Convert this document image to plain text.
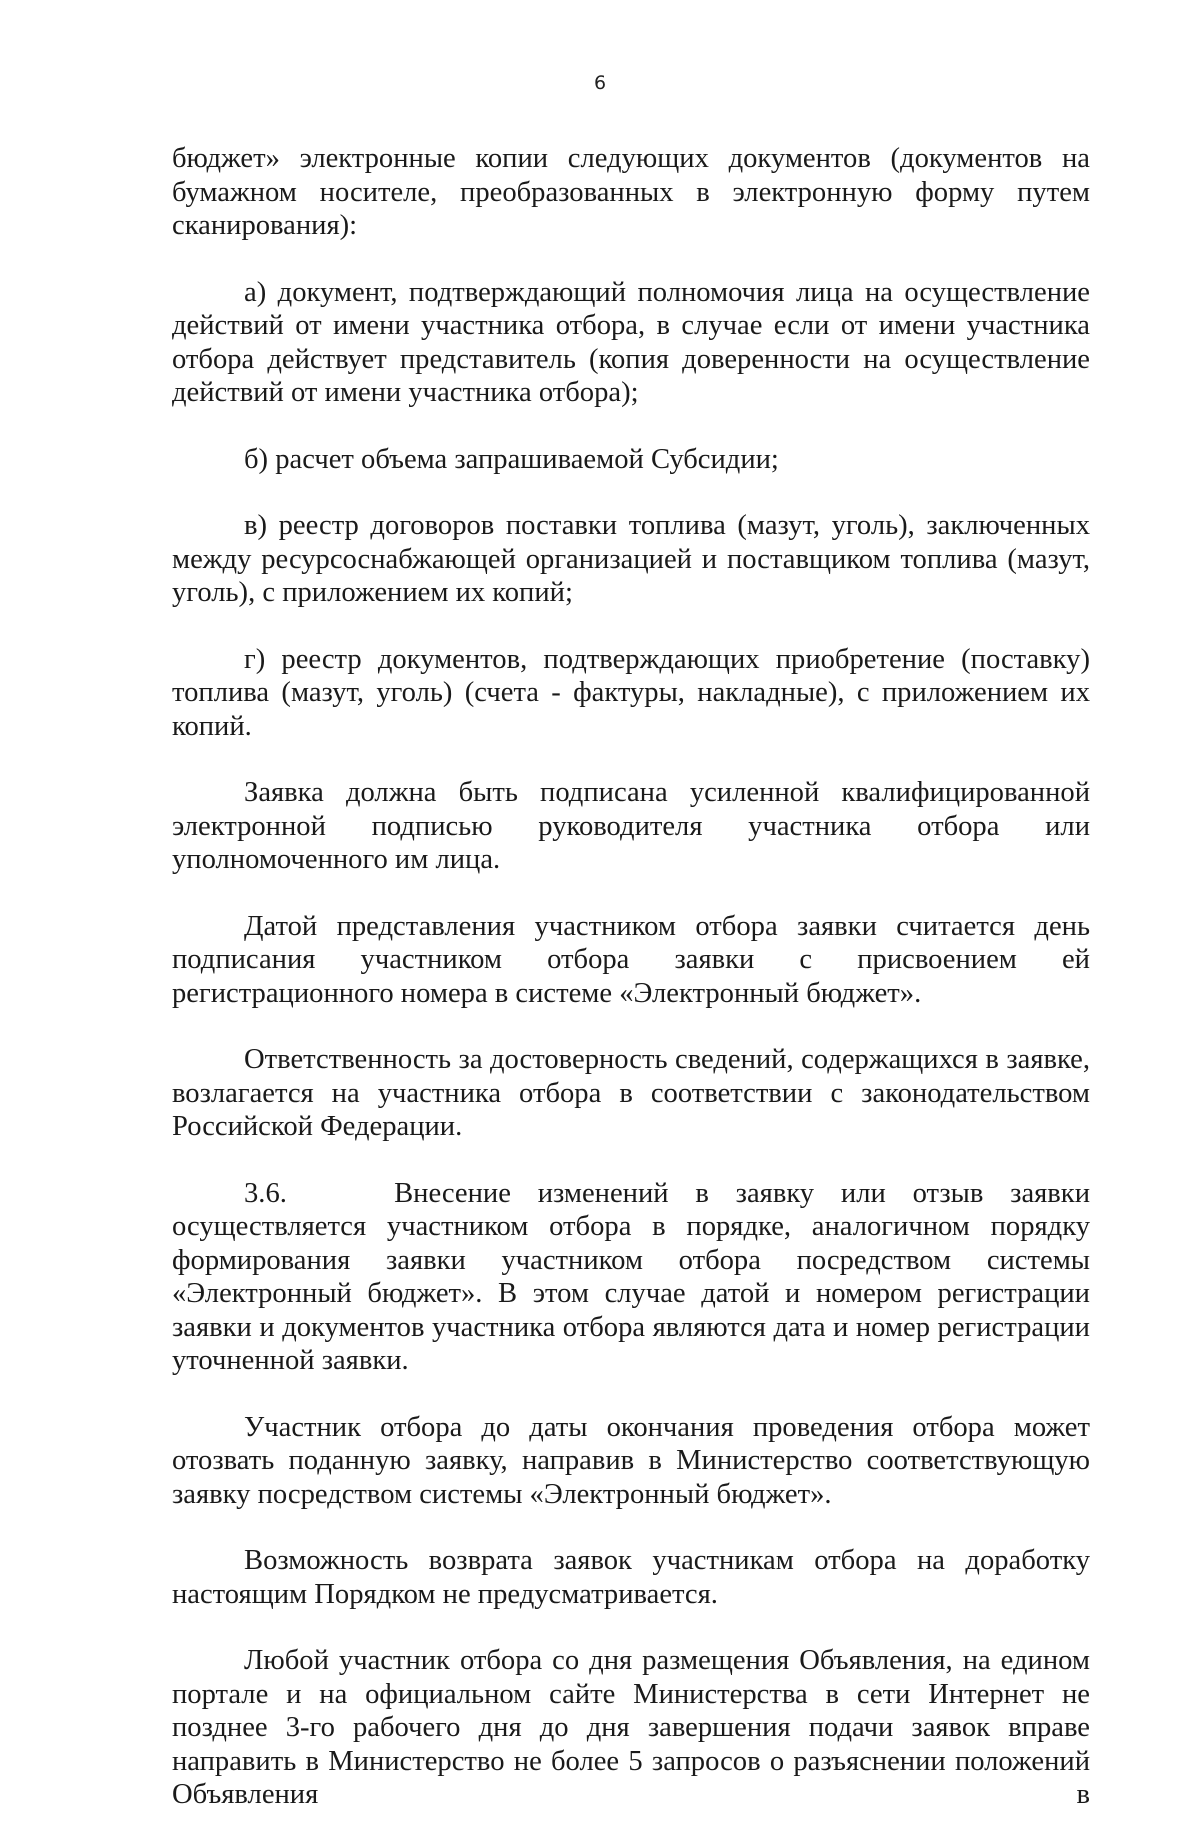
6

бюджет» электронные копии следующих документов (документов на бумажном носителе, преобразованных в электронную форму путем сканирования):

а) документ, подтверждающий полномочия лица на осуществление действий от имени участника отбора, в случае если от имени участника отбора действует представитель (копия доверенности на осуществление действий от имени участника отбора);

б) расчет объема запрашиваемой Субсидии;

в) реестр договоров поставки топлива (мазут, уголь), заключенных между ресурсоснабжающей организацией и поставщиком топлива (мазут, уголь), с приложением их копий;

г) реестр документов, подтверждающих приобретение (поставку) топлива (мазут, уголь) (счета - фактуры, накладные), с приложением их копий.

Заявка должна быть подписана усиленной квалифицированной электронной подписью руководителя участника отбора или уполномоченного им лица.

Датой представления участником отбора заявки считается день подписания участником отбора заявки с присвоением ей регистрационного номера в системе «Электронный бюджет».

Ответственность за достоверность сведений, содержащихся в заявке, возлагается на участника отбора в соответствии с законодательством Российской Федерации.

3.6.    Внесение изменений в заявку или отзыв заявки осуществляется участником отбора в порядке, аналогичном порядку формирования заявки участником отбора посредством системы «Электронный бюджет». В этом случае датой и номером регистрации заявки и документов участника отбора являются дата и номер регистрации уточненной заявки.

Участник отбора до даты окончания проведения отбора может отозвать поданную заявку, направив в Министерство соответствующую заявку посредством системы «Электронный бюджет».

Возможность возврата заявок участникам отбора на доработку настоящим Порядком не предусматривается.

Любой участник отбора со дня размещения Объявления, на едином портале и на официальном сайте Министерства в сети Интернет не позднее 3-го рабочего дня до дня завершения подачи заявок вправе направить в Министерство не более 5 запросов о разъяснении положений Объявления в
